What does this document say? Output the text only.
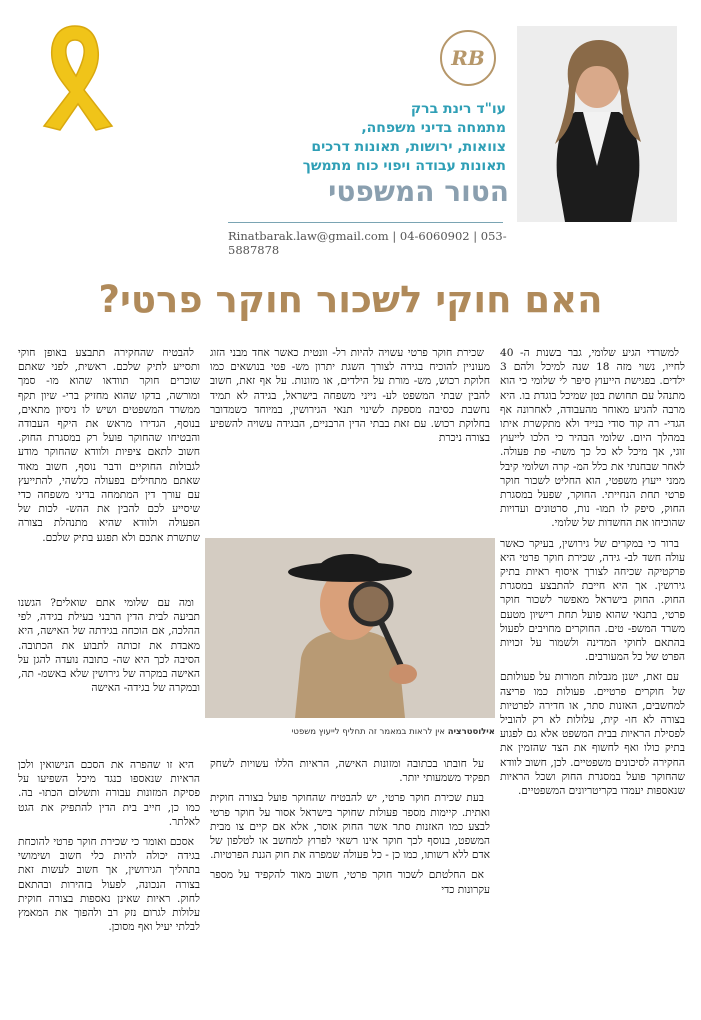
RB
עו"ד רינת ברק
מתמחה בדיני משפחה,
צוואות, ירושות, תאונות דרכים
תאונות עבודה ויפוי כוח מתמשך
הטור המשפטי
Rinatbarak.law@gmail.com | 04-6060902 | 053-5887878
האם חוקי לשכור חוקר פרטי?

למשרדי הגיע שלומי, גבר בשנות ה- 40 לחייו, נשוי מזה 18 שנה למיכל ולהם 3 ילדים. בפגישת הייעוץ סיפר לי שלומי כי הוא מתנהל עם תחושת בטן שמיכל בוגדת בו. היא מרבה להגיע מאוחר מהעבודה, לאחרונה אף הגדי- רה קוד סודי בנייד ולא מתקשרת איתו במהלך היום. שלומי הבהיר כי הלכו לייעוץ זוגי, אך מיכל לא כל כך משת- פת פעולה. לאחר שבחנתי את כלל המ- קרה ושלומי קיבל ממני ייעוץ משפטי, הוא החליט לשכור חוקר פרטי תחת הנחייתי. החוקר, שפעל במסגרת החוק, סיפק לו תמו- נות, סרטונים ועדויות שהוכיחו את החשדות של שלומי.

ברור כי במקרים של גירושין, בעיקר כאשר עולה חשד לב- גידה, שכירת חוקר פרטי היא פרקטיקה שכיחה לצורך איסוף ראיות בתיק גירושין. אך היא חייבת להתבצע במסגרת החוק. החוק בישראל מאפשר לשכור חוקר פרטי, בתנאי שהוא פועל תחת רישיון מטעם משרד המשפ- טים. החוקרים מחויבים לפעול בהתאם לחוקי המדינה ולשמור על זכויות הפרט של כל המעורבים.

עם זאת, ישנן מגבלות חמורות על פעולותם של חוקרים פרטיים. פעולות כמו פריצה למחשבים, האזנות סתר, או חדירה לפרטיות בצורה לא חו- קית, עלולות לא רק להוביל לפסילת הראיות בבית המשפט אלא גם לפגוע בתיק כולו ואף לחשוף את הצד שהזמין את החקירה לסיכונים משפטיים. לכן, חשוב לוודא שהחוקר פועל במסגרת החוק ושכל הראיות שנאספות יעמדו בקריטריונים המשפטיים.

שכירת חוקר פרטי עשויה להיות רל- וונטית כאשר אחד מבני הזוג מעוניין להוכיח בגידה לצורך השגת יתרון מש- פטי בנושאים כמו חלוקת רכוש, מש- מורת על הילדים, או מזונות. על אף זאת, חשוב להבין שבתי המשפט לע- נייני משפחה בישראל, בגידה לא תמיד נחשבת כסיבה מספקת לשינוי תנאי הגירושין, במיוחד כשמדובר בחלוקת רכוש. עם זאת בבתי הדין הרבניים, הבגידה עשויה להשפיע בצורה ניכרת

להבטיח שהחקירה תתבצע באופן חוקי ותסייע לתיק שלכם. ראשית, לפני שאתם שוכרים חוקר תוודאו שהוא מו- סמך ומורשה, בדקו שהוא מחזיק ברי- שיון תקף ממשרד המשפטים ושיש לו ניסיון מתאים, בנוסף, הגדירו מראש את היקף העבודה והבטיחו שהחוקר פועל רק במסגרת החוק. חשוב לתאם ציפיות ולוודא שהחוקר מודע לגבולות החוקיים ודבר נוסף, חשוב מאוד שאתם מתחילים בפעולה כלשהי, להתייעץ עם עורך דין המתמחה בדיני משפחה כדי שיסייע לכם להבין את ההש- לכות של הפעולה ולוודא שהיא מתנהלת בצורה שתשרת אתכם ולא תפגע בתיק שלכם.

ומה עם שלומי אתם שואלים? הגשנו תביעה לבית הדין הרבני בעילת בגידה, לפי ההלכה, אם הוכחה בגידתה של האישה, היא מאבדת את זכותה לתבוע את הכתובה. הסיבה לכך היא שה- כתובה נועדה להגן על האישה במקרה של גירושין שלא באשמ- תה, ובמקרה של בגידה- האישה

אילוסטרציה אין לראות במאמר זה תחליף לייעוץ משפטי

על חובתו בכתובה ומזונות האישה, הראיות הללו עשויות לשחק תפקיד משמעותי יותר.

בעת שכירת חוקר פרטי, יש להבטיח שהחוקר פועל בצורה חוקית ואתית. קיימות מספר פעולות שחוקר בישראל אסור על חוקר פרטי לבצע כמו האזנות סתר אשר החוק אוסר, אלא אם קיים צו מבית המשפט, בנוסף לכך חוקר אינו רשאי לפרוץ למחשב או לטלפון של אדם ללא רשותו, כמו כן - כל פעולה שמפרה את חוק הגנת הפרטיות.

אם החלטתם לשכור חוקר פרטי, חשוב מאוד להקפיד על מספר עקרונות כדי

היא זו שהפרה את הסכם הנישואין ולכן הראיות שנאספו כנגד מיכל השפיעו על פסיקת המזונות עבורה ותשלום הכתו- בה. כמו כן, חייב בית הדין להתפיק את הגט לאלתר.

אסכם ואומר כי שכירת חוקר פרטי להוכחת בגידה יכולה להיות כלי חשוב ושימושי בתהליך הגירושין, אך חשוב לעשות זאת בצורה הנכונה, לפעול בזהירות ובהתאם לחוק. ראיות שאינן נאספות בצורה חוקית עלולות לגרום נזק רב ולהפוך את המאמץ לבלתי יעיל ואף מסוכן.
